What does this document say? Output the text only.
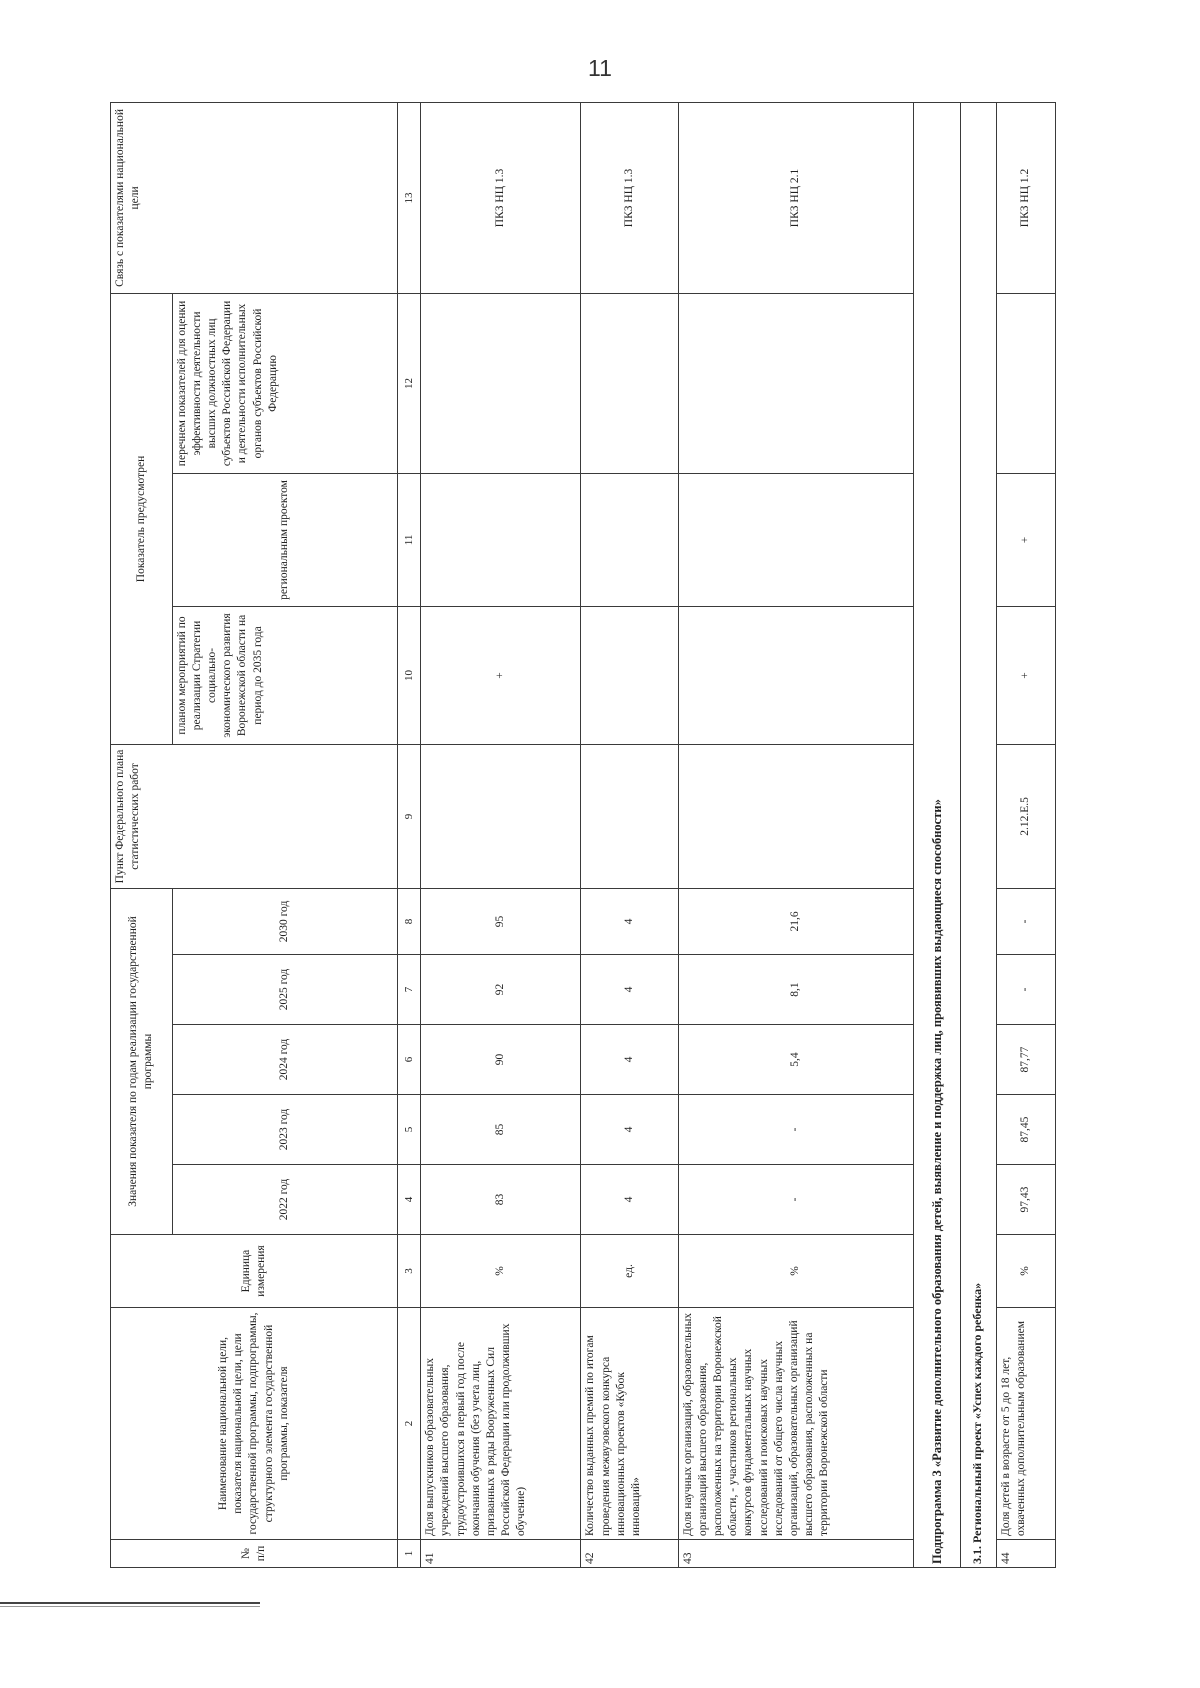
11
№ п/п	Наименование национальной цели, показателя национальной цели, цели государственной программы, подпрограммы, структурного элемента государственной программы, показателя	Единица измерения	Значения показателя по годам реализации государственной программы					Пункт Федерального плана статистических работ	Показатель предусмотрен			Связь с показателями национальной цели
			2022 год	2023 год	2024 год	2025 год	2030 год		планом мероприятий по реализации Стратегии социально-экономического развития Воронежской области на период до 2035 года	региональным проектом	перечнем показателей для оценки эффективности деятельности высших должностных лиц субъектов Российской Федерации и деятельности исполнительных органов субъектов Российской Федерацию	
1	2	3	4	5	6	7	8	9	10	11	12	13
41	Доля выпускников образовательных учреждений высшего образования, трудоустроившихся в первый год после окончания обучения (без учета лиц, призванных в ряды Вооруженных Сил Российской Федерации или продолживших обучение)	%	83	85	90	92	95		+			ПКЗ НЦ 1.3
42	Количество выданных премий по итогам проведения межвузовского конкурса инновационных проектов «Кубок инноваций»	ед.	4	4	4	4	4					ПКЗ НЦ 1.3
43	Доля научных организаций, образовательных организаций высшего образования, расположенных на территории Воронежской области, - участников региональных конкурсов фундаментальных научных исследований и поисковых научных исследований от общего числа научных организаций, образовательных организаций высшего образования, расположенных на территории Воронежской области	%	-	-	5,4	8,1	21,6					ПКЗ НЦ 2.1
Подпрограмма 3 «Развитие дополнительного образования детей, выявление и поддержка лиц, проявивших выдающиеся способности»												
3.1. Региональный проект «Успех каждого ребенка»												
44	Доля детей в возрасте от 5 до 18 лет, охваченных дополнительным образованием	%	97,43	87,45	87,77	-	-	2.12.Е.5	+	+		ПКЗ НЦ 1.2
